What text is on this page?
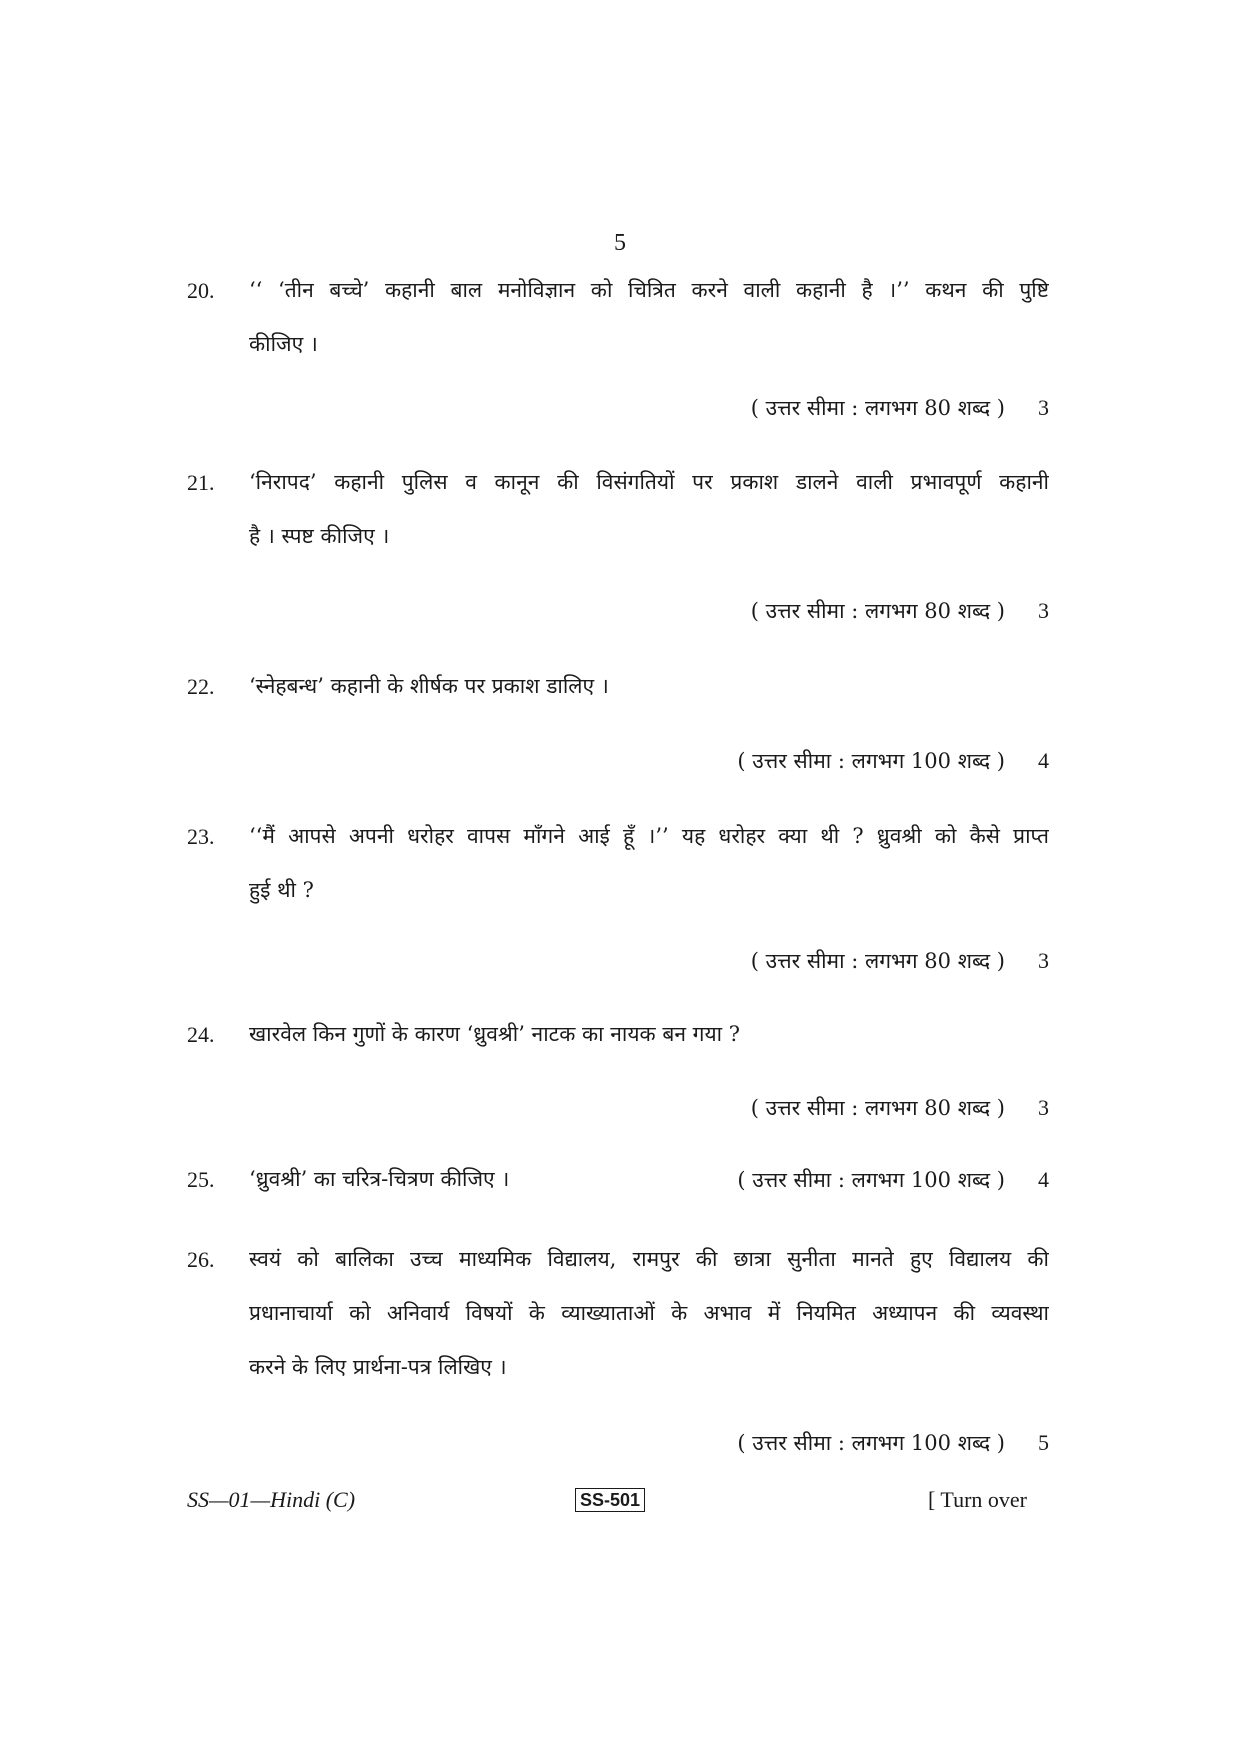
5
20. ‘‘ ‘तीन बच्चे’ कहानी बाल मनोविज्ञान को चित्रित करने वाली कहानी है ।’’ कथन की पुष्टि
कीजिए ।
( उत्तर सीमा : लगभग 80 शब्द ) 3
21. ‘निरापद’ कहानी पुलिस व कानून की विसंगतियों पर प्रकाश डालने वाली प्रभावपूर्ण कहानी
है । स्पष्ट कीजिए ।
( उत्तर सीमा : लगभग 80 शब्द ) 3
22. ‘स्नेहबन्ध’ कहानी के शीर्षक पर प्रकाश डालिए ।
( उत्तर सीमा : लगभग 100 शब्द ) 4
23. ‘‘मैं आपसे अपनी धरोहर वापस माँगने आई हूँ ।’’ यह धरोहर क्या थी ? ध्रुवश्री को कैसे प्राप्त
हुई थी ?
( उत्तर सीमा : लगभग 80 शब्द ) 3
24. खारवेल किन गुणों के कारण ‘ध्रुवश्री’ नाटक का नायक बन गया ?
( उत्तर सीमा : लगभग 80 शब्द ) 3
25. ‘ध्रुवश्री’ का चरित्र-चित्रण कीजिए ।	( उत्तर सीमा : लगभग 100 शब्द ) 4
26. स्वयं को बालिका उच्च माध्यमिक विद्यालय, रामपुर की छात्रा सुनीता मानते हुए विद्यालय की
प्रधानाचार्या को अनिवार्य विषयों के व्याख्याताओं के अभाव में नियमित अध्यापन की व्यवस्था
करने के लिए प्रार्थना-पत्र लिखिए ।
( उत्तर सीमा : लगभग 100 शब्द ) 5
SS—01—Hindi (C)	SS-501	[ Turn over
